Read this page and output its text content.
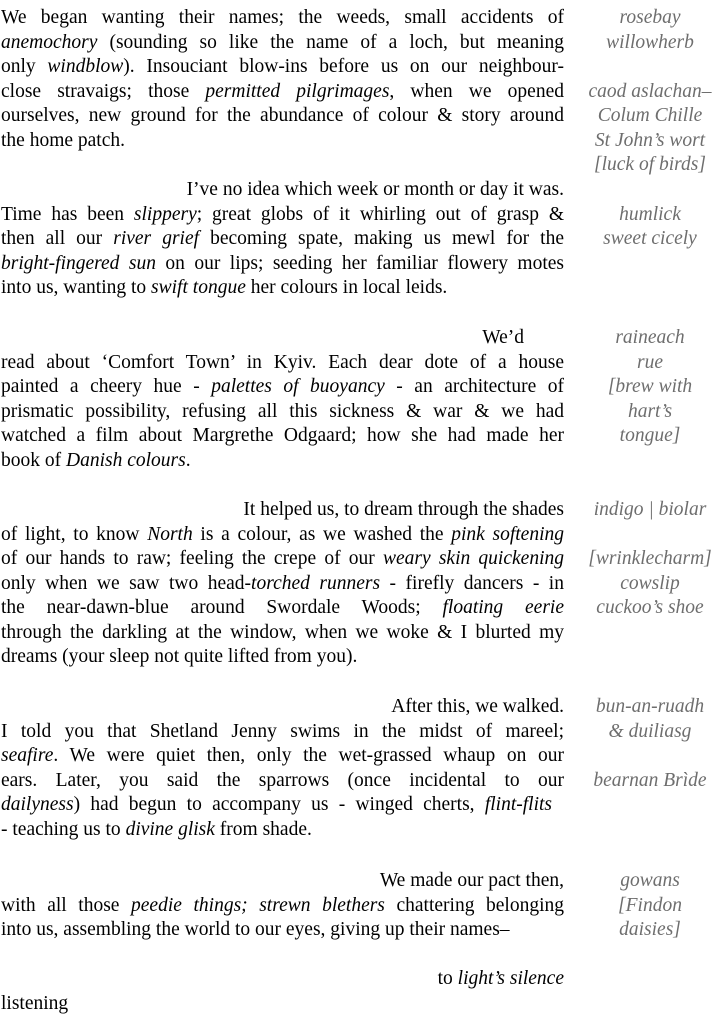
We began wanting their names; the weeds, small accidents of
anemochory (sounding so like the name of a loch, but meaning
only windblow). Insouciant blow-ins before us on our neighbour-
close stravaigs; those permitted pilgrimages, when we opened
ourselves, new ground for the abundance of colour & story around
the home patch.
rosebay
willowherb
caod aslachan–
Colum Chille
St John’s wort
[luck of birds]
I’ve no idea which week or month or day it was.
Time has been slippery; great globs of it whirling out of grasp &
then all our river grief becoming spate, making us mewl for the
bright-fingered sun on our lips; seeding her familiar flowery motes
into us, wanting to swift tongue her colours in local leids.
humlick
sweet cicely
We’d
read about ‘Comfort Town’ in Kyiv. Each dear dote of a house
painted a cheery hue - palettes of buoyancy - an architecture of
prismatic possibility, refusing all this sickness & war & we had
watched a film about Margrethe Odgaard; how she had made her
book of Danish colours.
raineach
rue
[brew with
hart’s
tongue]
It helped us, to dream through the shades
of light, to know North is a colour, as we washed the pink softening
of our hands to raw; feeling the crepe of our weary skin quickening
only when we saw two head-torched runners - firefly dancers - in
the near-dawn-blue around Swordale Woods; floating eerie
through the darkling at the window, when we woke & I blurted my
dreams (your sleep not quite lifted from you).
indigo | biolar
[wrinklecharm]
cowslip
cuckoo’s shoe
After this, we walked.
I told you that Shetland Jenny swims in the midst of mareel;
seafire. We were quiet then, only the wet-grassed whaup on our
ears. Later, you said the sparrows (once incidental to our
dailyness) had begun to accompany us - winged cherts, flint-flits
- teaching us to divine glisk from shade.
bun-an-ruadh
& duiliasg
bearnan Brìde
We made our pact then,
with all those peedie things; strewn blethers chattering belonging
into us, assembling the world to our eyes, giving up their names–
gowans
[Findon
daisies]
to light’s silence
listening
